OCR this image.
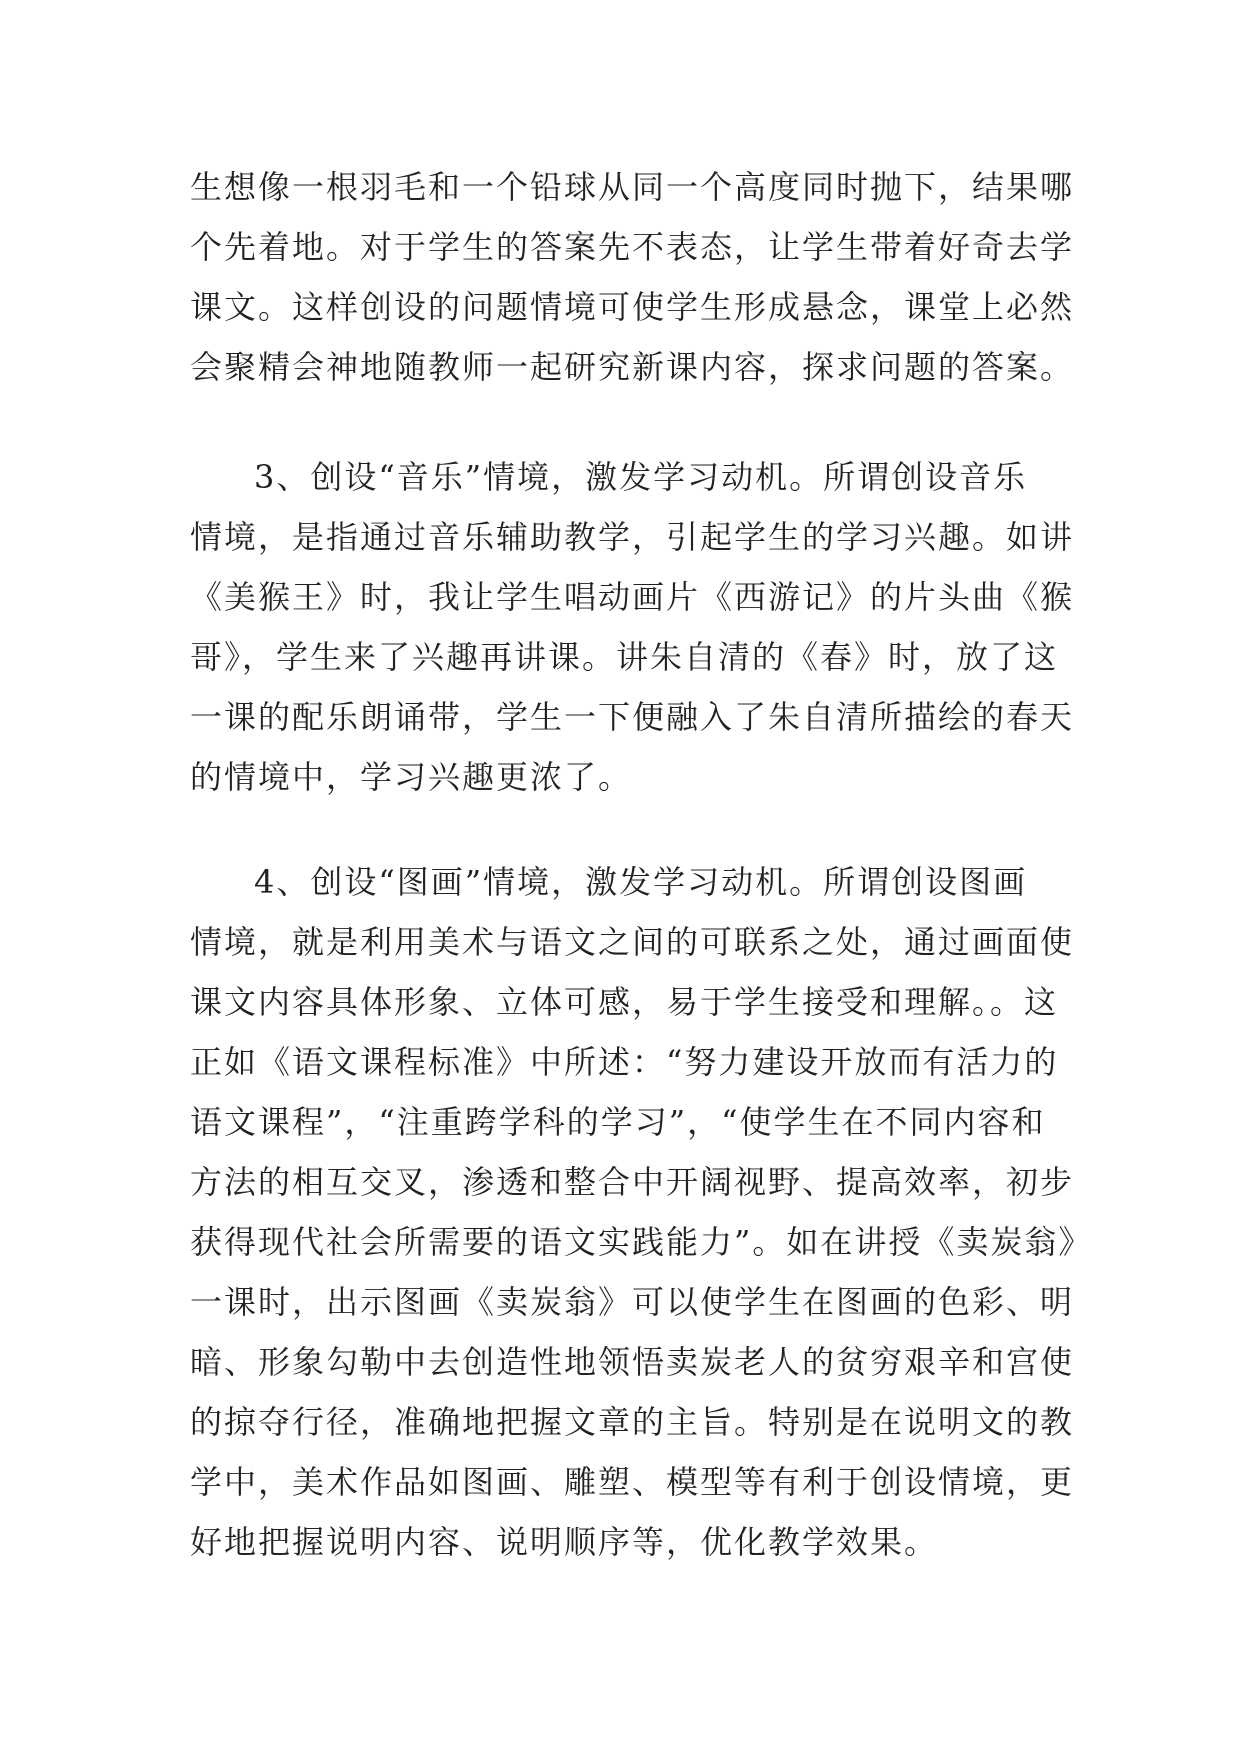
生想像一根羽毛和一个铅球从同一个高度同时抛下，结果哪
个先着地。对于学生的答案先不表态，让学生带着好奇去学
课文。这样创设的问题情境可使学生形成悬念，课堂上必然
会聚精会神地随教师一起研究新课内容，探求问题的答案。
3、创设“音乐”情境，激发学习动机。所谓创设音乐
情境，是指通过音乐辅助教学，引起学生的学习兴趣。如讲
《美猴王》时，我让学生唱动画片《西游记》的片头曲《猴
哥》，学生来了兴趣再讲课。讲朱自清的《春》时，放了这
一课的配乐朗诵带，学生一下便融入了朱自清所描绘的春天
的情境中，学习兴趣更浓了。
4、创设“图画”情境，激发学习动机。所谓创设图画
情境，就是利用美术与语文之间的可联系之处，通过画面使
课文内容具体形象、立体可感，易于学生接受和理解。。这
正如《语文课程标准》中所述：“努力建设开放而有活力的
语文课程”，“注重跨学科的学习”，“使学生在不同内容和
方法的相互交叉，渗透和整合中开阔视野、提高效率，初步
获得现代社会所需要的语文实践能力”。如在讲授《卖炭翁》
一课时，出示图画《卖炭翁》可以使学生在图画的色彩、明
暗、形象勾勒中去创造性地领悟卖炭老人的贫穷艰辛和宫使
的掠夺行径，准确地把握文章的主旨。特别是在说明文的教
学中，美术作品如图画、雕塑、模型等有利于创设情境，更
好地把握说明内容、说明顺序等，优化教学效果。
